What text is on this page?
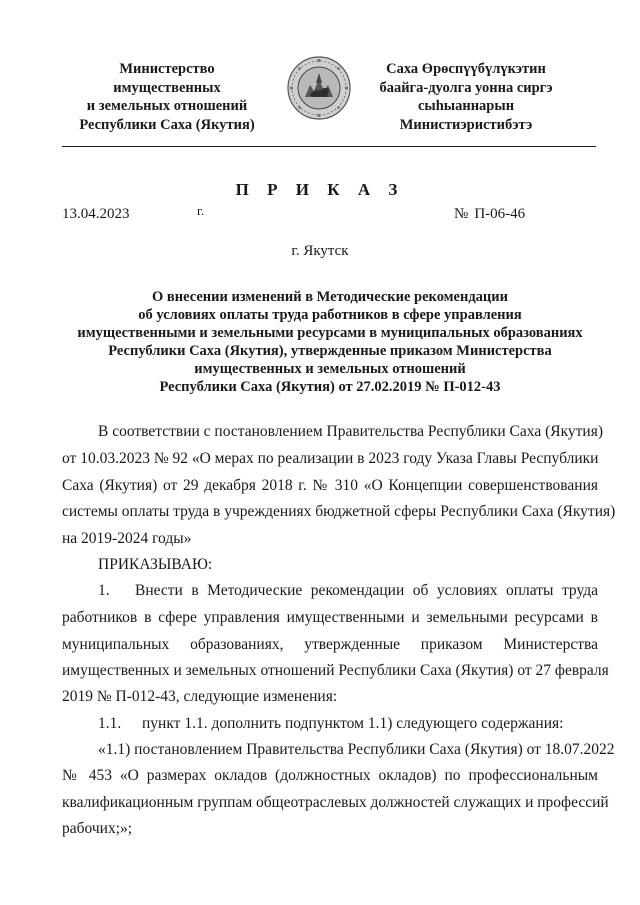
Министерство
имущественных
и земельных отношений
Республики Саха (Якутия)
Саха Өрөспүүбүлүкэтин
баайга-дуолга уонна сиргэ
сыһыаннарын
Министиэристибэтэ
П Р И К А З
13.04.2023	г.	№ П-06-46
г. Якутск
О внесении изменений в Методические рекомендации
об условиях оплаты труда работников в сфере управления
имущественными и земельными ресурсами в муниципальных образованиях
Республики Саха (Якутия), утвержденные приказом Министерства
имущественных и земельных отношений
Республики Саха (Якутия) от 27.02.2019 № П-012-43
В соответствии с постановлением Правительства Республики Саха (Якутия)
от 10.03.2023 № 92 «О мерах по реализации в 2023 году Указа Главы Республики
Саха (Якутия) от 29 декабря 2018 г. № 310 «О Концепции совершенствования
системы оплаты труда в учреждениях бюджетной сферы Республики Саха (Якутия)
на 2019-2024 годы»
ПРИКАЗЫВАЮ:
1. Внести в Методические рекомендации об условиях оплаты труда
работников в сфере управления имущественными и земельными ресурсами в
муниципальных образованиях, утвержденные приказом Министерства
имущественных и земельных отношений Республики Саха (Якутия) от 27 февраля
2019 № П-012-43, следующие изменения:
1.1. пункт 1.1. дополнить подпунктом 1.1) следующего содержания:
«1.1) постановлением Правительства Республики Саха (Якутия) от 18.07.2022
№ 453 «О размерах окладов (должностных окладов) по профессиональным
квалификационным группам общеотраслевых должностей служащих и профессий
рабочих;»;
